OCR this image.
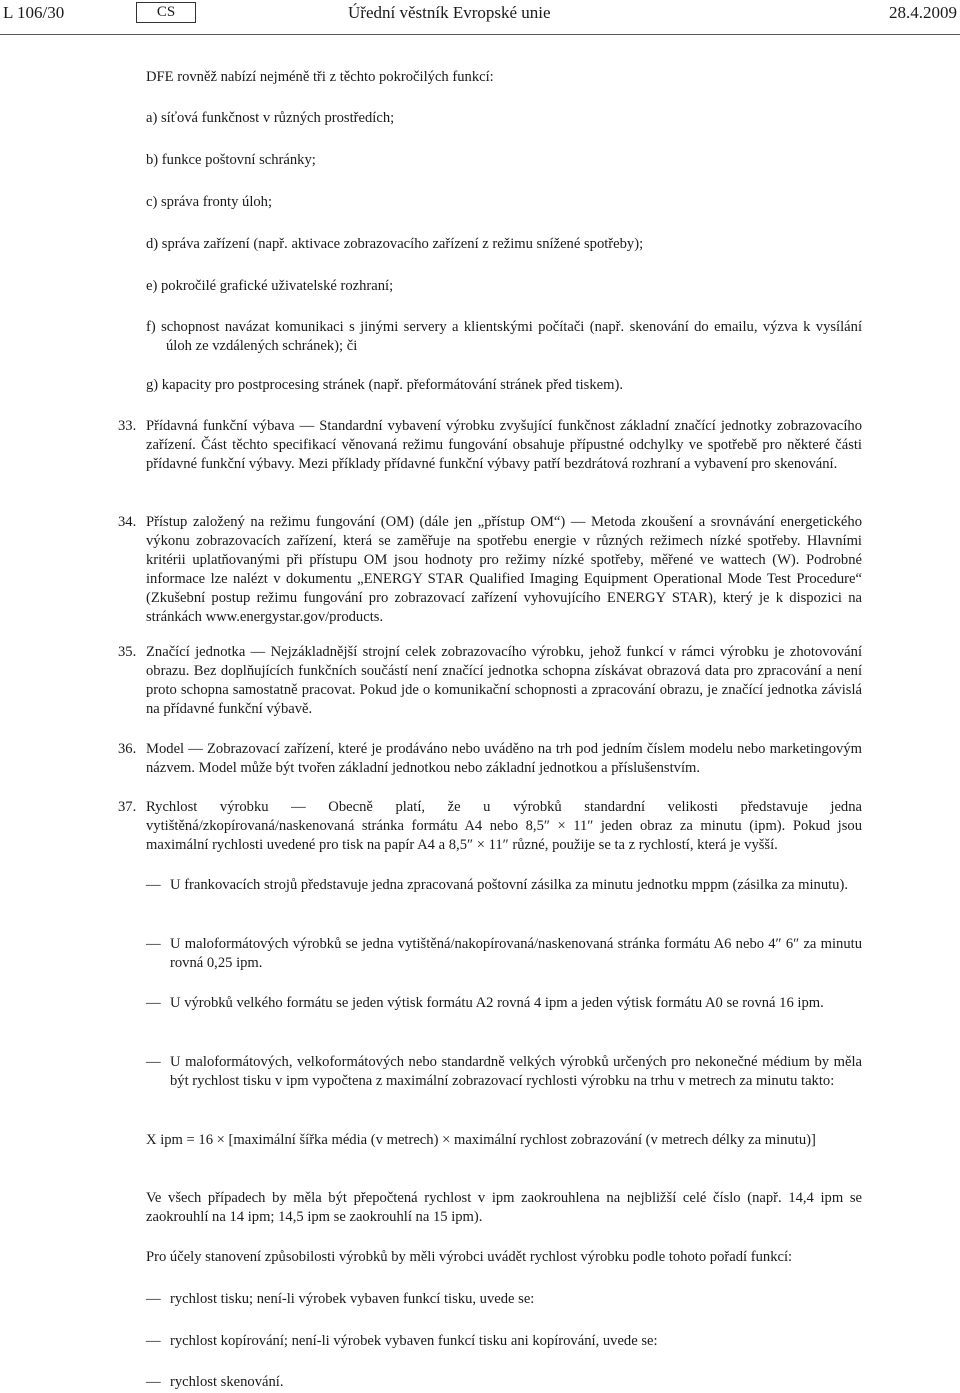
L 106/30	CS	Úřední věstník Evropské unie	28.4.2009

DFE rovněž nabízí nejméně tři z těchto pokročilých funkcí:

a) síťová funkčnost v různých prostředích;

b) funkce poštovní schránky;

c) správa fronty úloh;

d) správa zařízení (např. aktivace zobrazovacího zařízení z režimu snížené spotřeby);

e) pokročilé grafické uživatelské rozhraní;

f) schopnost navázat komunikaci s jinými servery a klientskými počítači (např. skenování do emailu, výzva k vysílání úloh ze vzdálených schránek); či

g) kapacity pro postprocesing stránek (např. přeformátování stránek před tiskem).

33. Přídavná funkční výbava — Standardní vybavení výrobku zvyšující funkčnost základní značící jednotky zobrazovacího zařízení. Část těchto specifikací věnovaná režimu fungování obsahuje přípustné odchylky ve spotřebě pro některé části přídavné funkční výbavy. Mezi příklady přídavné funkční výbavy patří bezdrátová rozhraní a vybavení pro skenování.

34. Přístup založený na režimu fungování (OM) (dále jen „přístup OM“) — Metoda zkoušení a srovnávání energetického výkonu zobrazovacích zařízení, která se zaměřuje na spotřebu energie v různých režimech nízké spotřeby. Hlavními kritérii uplatňovanými při přístupu OM jsou hodnoty pro režimy nízké spotřeby, měřené ve wattech (W). Podrobné informace lze nalézt v dokumentu „ENERGY STAR Qualified Imaging Equipment Operational Mode Test Procedure“ (Zkušební postup režimu fungování pro zobrazovací zařízení vyhovujícího ENERGY STAR), který je k dispozici na stránkách www.energystar.gov/products.

35. Značící jednotka — Nejzákladnější strojní celek zobrazovacího výrobku, jehož funkcí v rámci výrobku je zhotovování obrazu. Bez doplňujících funkčních součástí není značící jednotka schopna získávat obrazová data pro zpracování a není proto schopna samostatně pracovat. Pokud jde o komunikační schopnosti a zpracování obrazu, je značící jednotka závislá na přídavné funkční výbavě.

36. Model — Zobrazovací zařízení, které je prodáváno nebo uváděno na trh pod jedním číslem modelu nebo marketingovým názvem. Model může být tvořen základní jednotkou nebo základní jednotkou a příslušenstvím.

37. Rychlost výrobku — Obecně platí, že u výrobků standardní velikosti představuje jedna vytištěná/zkopírovaná/naskenovaná stránka formátu A4 nebo 8,5″ × 11″ jeden obraz za minutu (ipm). Pokud jsou maximální rychlosti uvedené pro tisk na papír A4 a 8,5″ × 11″ různé, použije se ta z rychlostí, která je vyšší.

— U frankovacích strojů představuje jedna zpracovaná poštovní zásilka za minutu jednotku mppm (zásilka za minutu).

— U maloformátových výrobků se jedna vytištěná/nakopírovaná/naskenovaná stránka formátu A6 nebo 4″ 6″ za minutu rovná 0,25 ipm.

— U výrobků velkého formátu se jeden výtisk formátu A2 rovná 4 ipm a jeden výtisk formátu A0 se rovná 16 ipm.

— U maloformátových, velkoformátových nebo standardně velkých výrobků určených pro nekonečné médium by měla být rychlost tisku v ipm vypočtena z maximální zobrazovací rychlosti výrobku na trhu v metrech za minutu takto:

X ipm = 16 × [maximální šířka média (v metrech) × maximální rychlost zobrazování (v metrech délky za minutu)]

Ve všech případech by měla být přepočtená rychlost v ipm zaokrouhlena na nejbližší celé číslo (např. 14,4 ipm se zaokrouhlí na 14 ipm; 14,5 ipm se zaokrouhlí na 15 ipm).

Pro účely stanovení způsobilosti výrobků by měli výrobci uvádět rychlost výrobku podle tohoto pořadí funkcí:

— rychlost tisku; není-li výrobek vybaven funkcí tisku, uvede se:

— rychlost kopírování; není-li výrobek vybaven funkcí tisku ani kopírování, uvede se:

— rychlost skenování.
